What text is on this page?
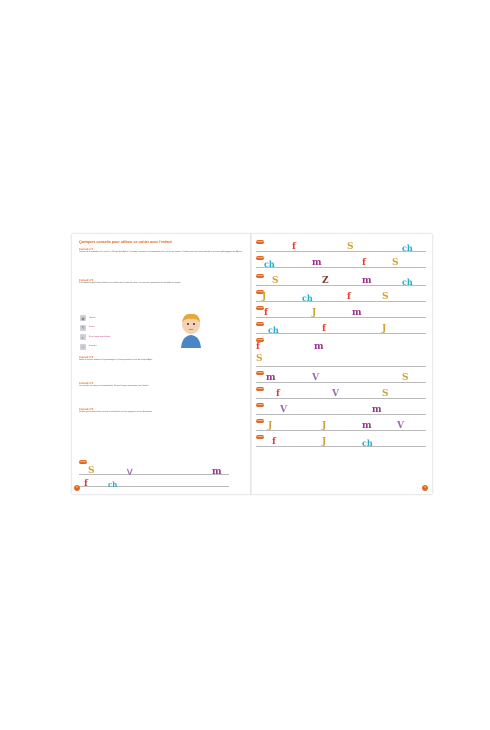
Quelques conseils pour utiliser ce cahier avec l'enfant
Conseil n°1
La base de la méthode est la santé. Le Planète des Alphas. Il est donc vivement recommandé de la lire ou la faire écouter à l'enfant avant de pouvoir aborder le parcours pédagogique des Alphas.
Conseil n°2
Il est important que l'enfant effectue les activités dans l'ordre du cahier. Les exercices permettent de consolider les acquis.
◉	Observe
✎	Ecoute
◐	Écris chaque mots illustrés
♪	Entendue
Conseil n°3
Veillez à toujours nommer les personnages et à bien prononcer le son de chaque Alpha.
Conseil n°4
Les activités ne sont pas chronométrées. Prenez le temps nécessaire avec l'enfant.
Conseil n°5
Vérifiez que l'enfant a bien reconnu le mot illustré en nous appuyant sur les illustrations.
Consigne
S	ᐯ	m
f	ch
8
Consigne	f	S	ch
Consigne
ch	m	f	S
Consigne S	Z	m	ch
Consigne
J	ch	f	S
Consigne f	J	m
Consigne
ch	f	J
Consigne
f	m
S
Consigne m	V	S
Consigne f	V	S
Consigne V	m
Consigne J	J	m	V
Consigne f	J	ch
9
